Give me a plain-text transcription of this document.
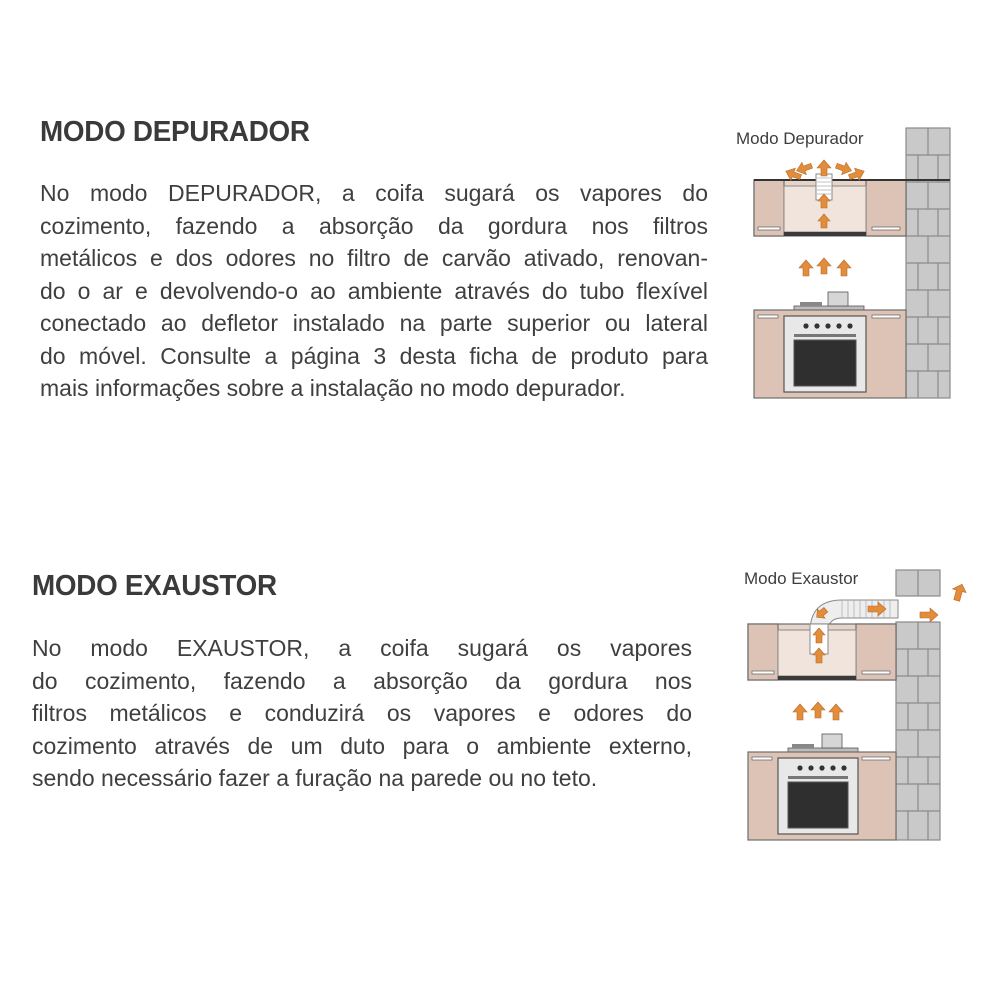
MODO DEPURADOR
No modo DEPURADOR, a coifa sugará os vapores do
cozimento, fazendo a absorção da gordura nos filtros
metálicos e dos odores no filtro de carvão ativado, renovan-
do o ar e devolvendo-o ao ambiente através do tubo flexível
conectado ao defletor instalado na parte superior ou lateral
do móvel. Consulte a página 3 desta ficha de produto para
mais informações sobre a instalação no modo depurador.
Modo Depurador
MODO EXAUSTOR
No modo EXAUSTOR, a coifa sugará os vapores
do cozimento, fazendo a absorção da gordura nos
filtros metálicos e conduzirá os vapores e odores do
cozimento através de um duto para o ambiente externo,
sendo necessário fazer a furação na parede ou no teto.
Modo Exaustor
